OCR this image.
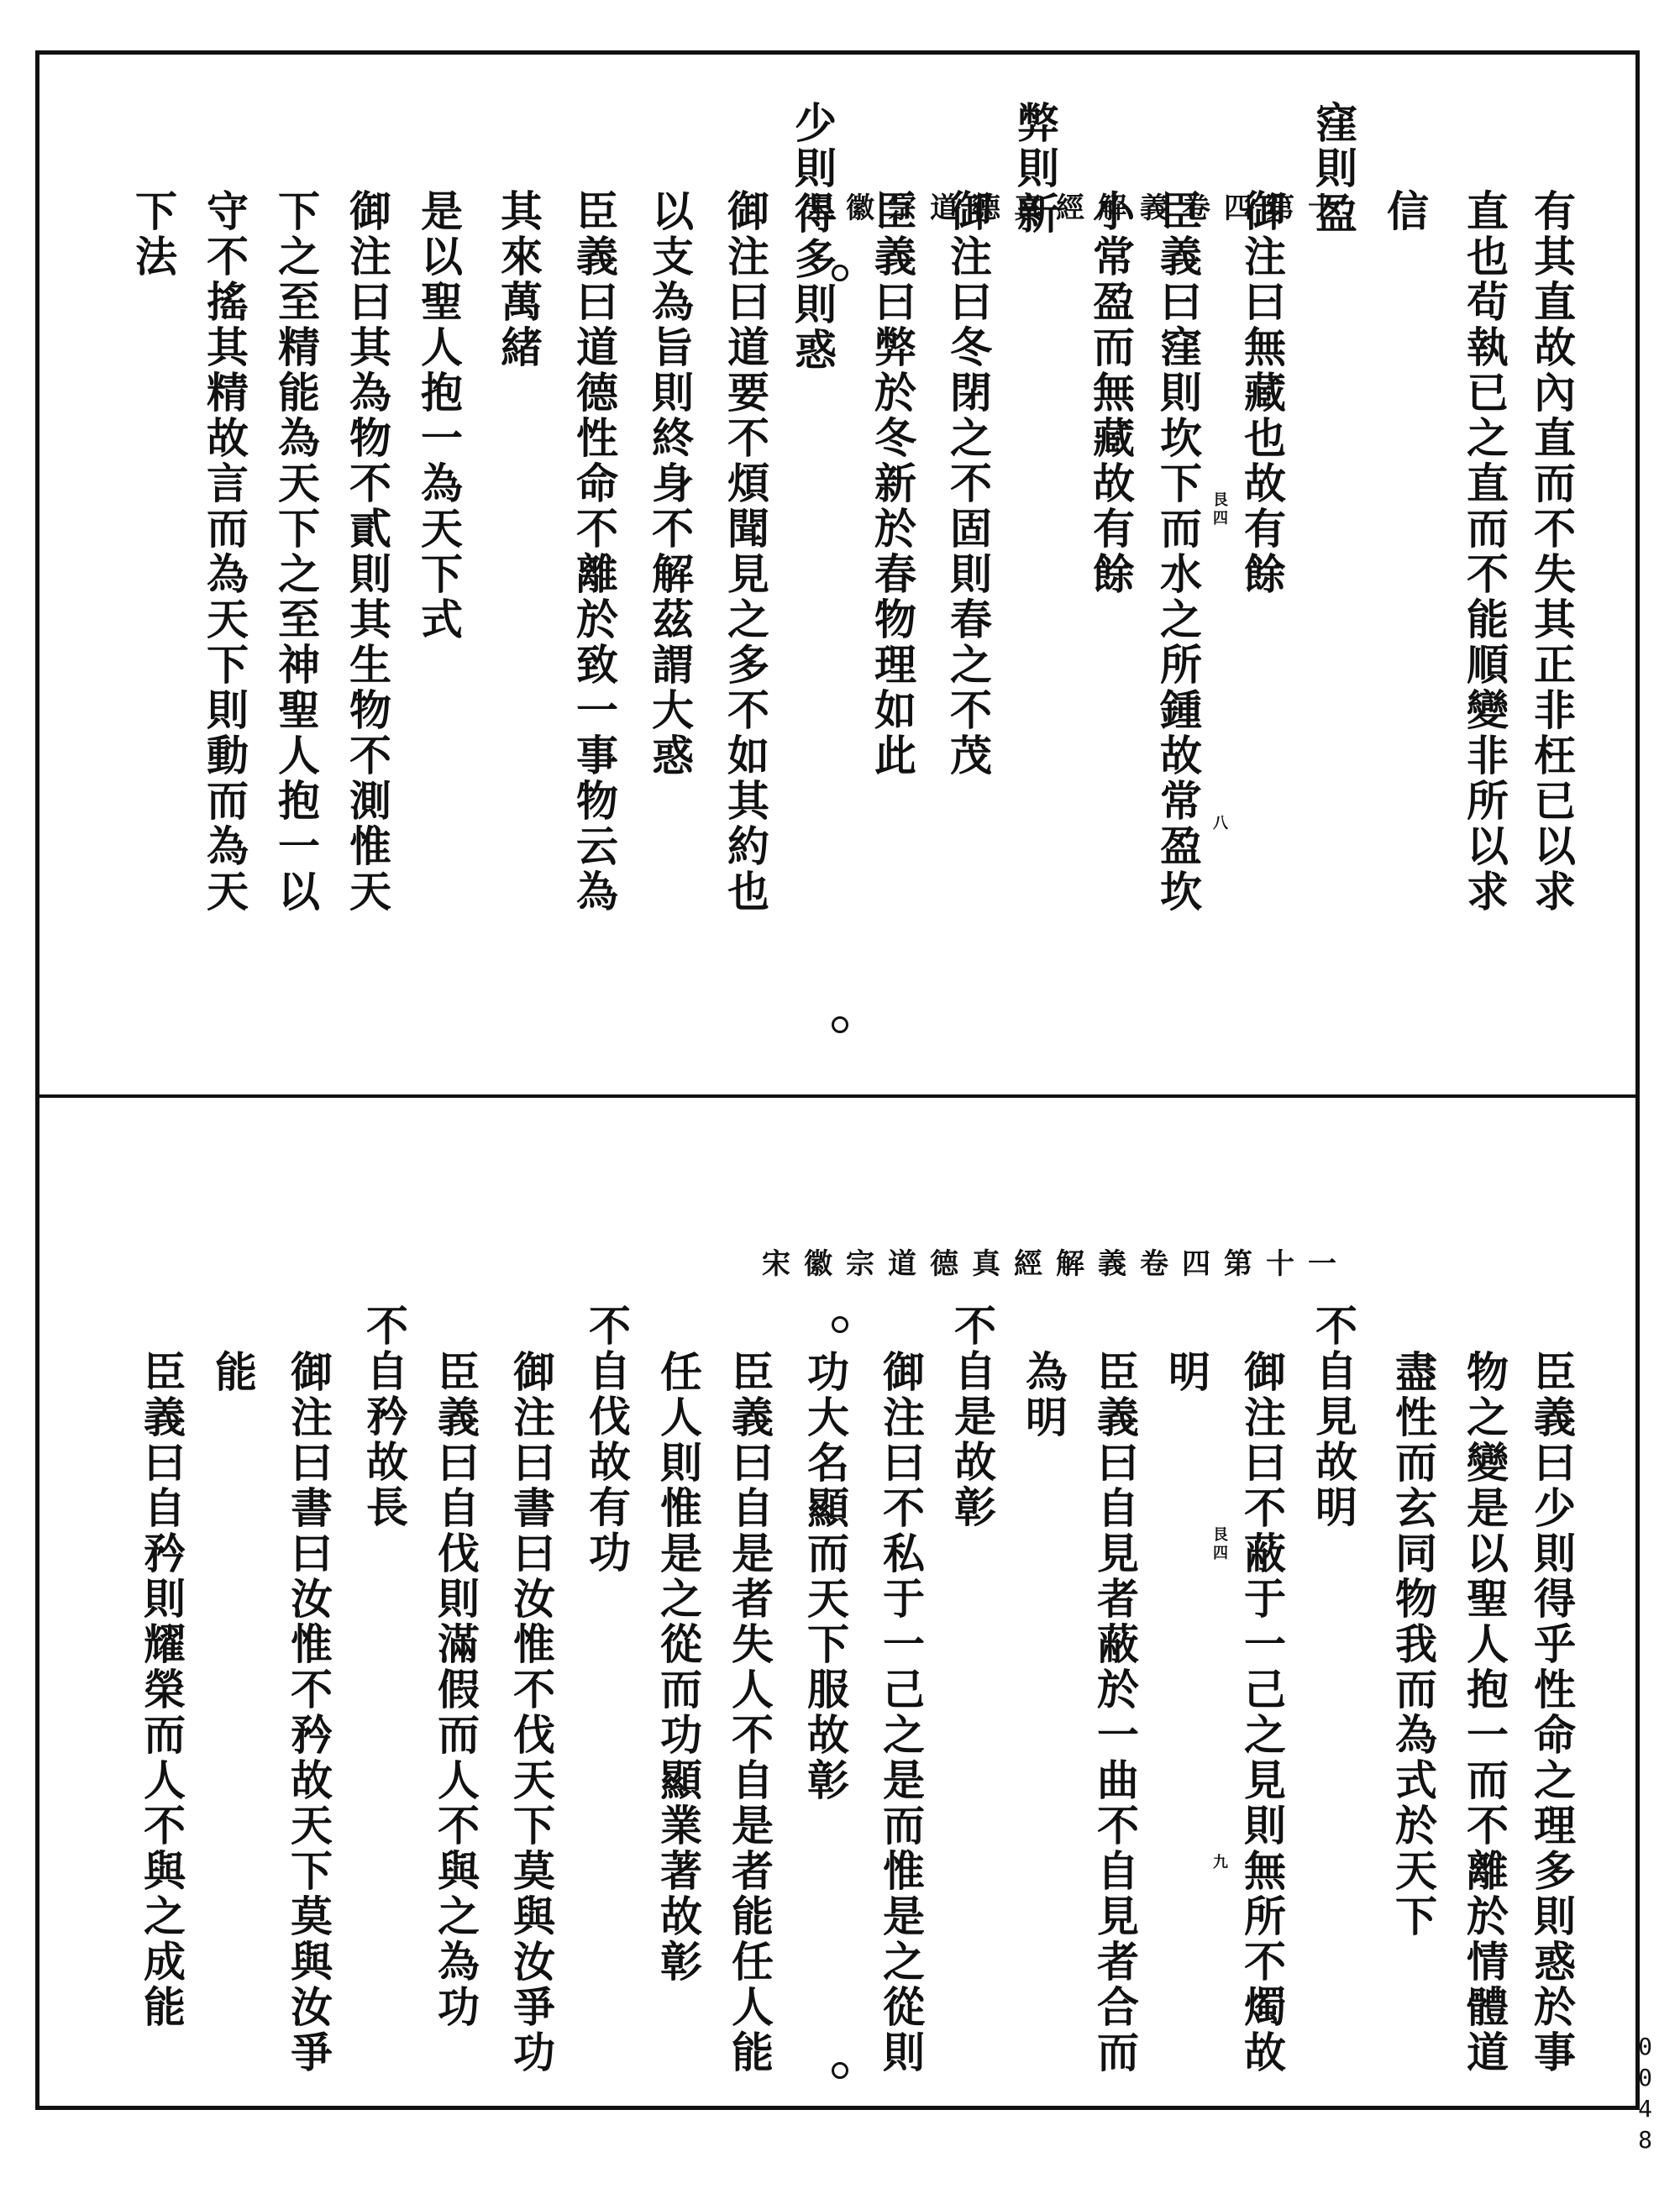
宋徽宗道德真經解義卷四第十	有其直故內直而不失其正非枉已以求
直也茍執已之直而不能順變非所以求
信
窪則盈
御注曰無藏也故有餘
臣義曰窪則坎下而水之所鍾故常盈坎
小常盈而無藏故有餘
弊則新
御注曰冬閉之不固則春之不茂
臣義曰弊於冬新於春物理如此
少則得多則惑
御注曰道要不煩聞見之多不如其約也
以支為旨則終身不解茲謂大惑
臣義曰道德性命不離於致一事物云為
其來萬緒
是以聖人抱一為天下式
御注曰其為物不貳則其生物不測惟天
下之至精能為天下之至神聖人抱一以
守不搖其精故言而為天下則動而為天
下法
艮四
八
宋徽宗道德真經解義卷四第十一
臣義曰少則得乎性命之理多則惑於事
物之變是以聖人抱一而不離於情體道
盡性而玄同物我而為式於天下
不自見故明
御注曰不蔽于一己之見則無所不燭故
明
臣義曰自見者蔽於一曲不自見者合而
為明
不自是故彰
御注曰不私于一己之是而惟是之從則
功大名顯而天下服故彰
臣義曰自是者失人不自是者能任人能
任人則惟是之從而功顯業著故彰
不自伐故有功
御注曰書曰汝惟不伐天下莫與汝爭功
臣義曰自伐則滿假而人不與之為功
不自矜故長
御注曰書曰汝惟不矜故天下莫與汝爭
能
臣義曰自矜則耀榮而人不與之成能	艮四
九
0048
